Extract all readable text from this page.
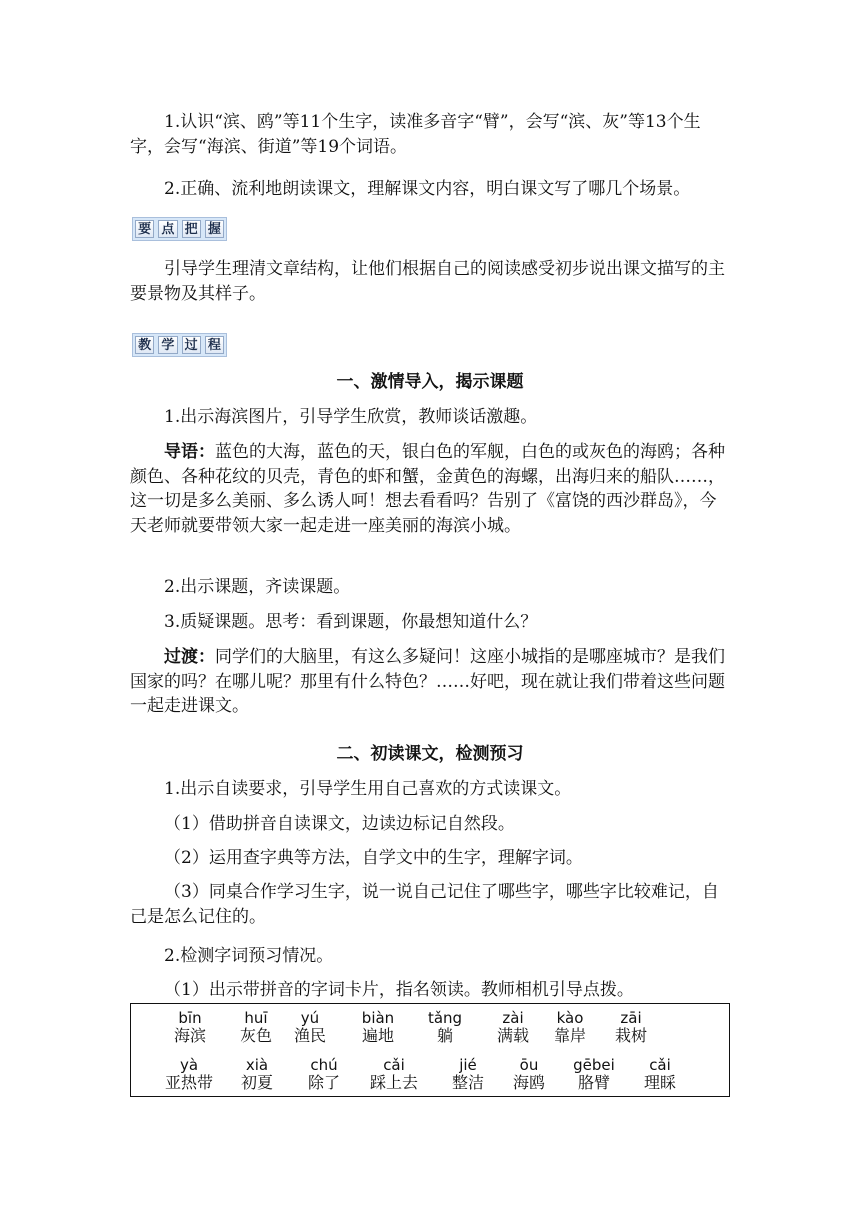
1.认识“滨、鸥”等11个生字，读准多音字“臂”，会写“滨、灰”等13个生字，会写“海滨、街道”等19个词语。

2.正确、流利地朗读课文，理解课文内容，明白课文写了哪几个场景。

要 点 把 握

引导学生理清文章结构，让他们根据自己的阅读感受初步说出课文描写的主要景物及其样子。

教 学 过 程

一、激情导入，揭示课题

1.出示海滨图片，引导学生欣赏，教师谈话激趣。

导语：蓝色的大海，蓝色的天，银白色的军舰，白色的或灰色的海鸥；各种颜色、各种花纹的贝壳，青色的虾和蟹，金黄色的海螺，出海归来的船队……，这一切是多么美丽、多么诱人呵！想去看看吗？告别了《富饶的西沙群岛》，今天老师就要带领大家一起走进一座美丽的海滨小城。

2.出示课题，齐读课题。

3.质疑课题。思考：看到课题，你最想知道什么？

过渡：同学们的大脑里，有这么多疑问！这座小城指的是哪座城市？是我们国家的吗？在哪儿呢？那里有什么特色？……好吧，现在就让我们带着这些问题一起走进课文。

二、初读课文，检测预习

1.出示自读要求，引导学生用自己喜欢的方式读课文。

（1）借助拼音自读课文，边读边标记自然段。

（2）运用查字典等方法，自学文中的生字，理解字词。

（3）同桌合作学习生字，说一说自己记住了哪些字，哪些字比较难记，自己是怎么记住的。

2.检测字词预习情况。

（1）出示带拼音的字词卡片，指名领读。教师相机引导点拨。

bīn
海滨
huī
灰色
yú
渔民
biàn
遍地
tǎng
躺
zài
满载
kào
靠岸
zāi
栽树
yà
亚热带
xià
初夏
chú
除了
cǎi
踩上去
jié
整洁
ōu
海鸥
gēbei
胳臂
cǎi
理睬
